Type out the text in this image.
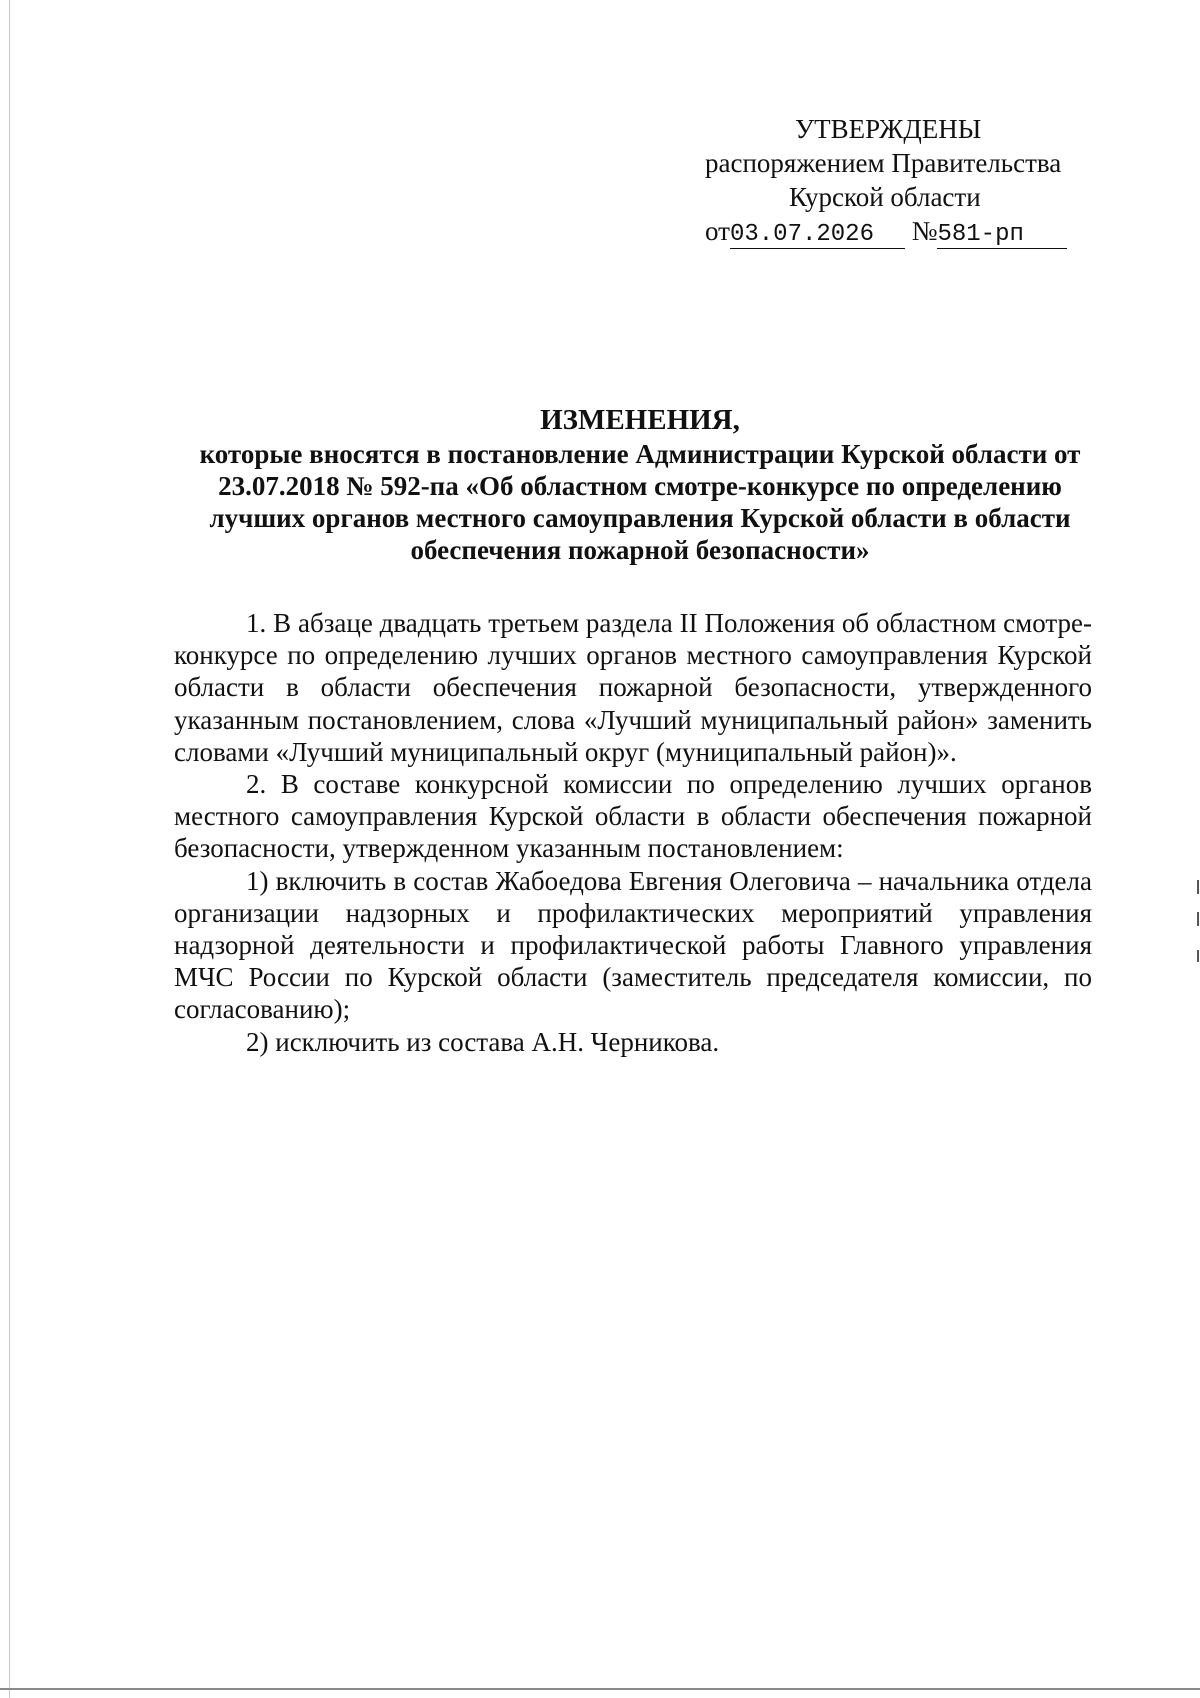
УТВЕРЖДЕНЫ
распоряжением Правительства
Курской области
от03.07.2026 №581-рп
ИЗМЕНЕНИЯ,
которые вносятся в постановление Администрации Курской области от 23.07.2018 № 592-па «Об областном смотре-конкурсе по определению лучших органов местного самоуправления Курской области в области обеспечения пожарной безопасности»

1. В абзаце двадцать третьем раздела II Положения об областном смотре-конкурсе по определению лучших органов местного самоуправления Курской области в области обеспечения пожарной безопасности, утвержденного указанным постановлением, слова «Лучший муниципальный район» заменить словами «Лучший муниципальный округ (муниципальный район)».

2. В составе конкурсной комиссии по определению лучших органов местного самоуправления Курской области в области обеспечения пожарной безопасности, утвержденном указанным постановлением:

1) включить в состав Жабоедова Евгения Олеговича – начальника отдела организации надзорных и профилактических мероприятий управления надзорной деятельности и профилактической работы Главного управления МЧС России по Курской области (заместитель председателя комиссии, по согласованию);

2) исключить из состава А.Н. Черникова.
